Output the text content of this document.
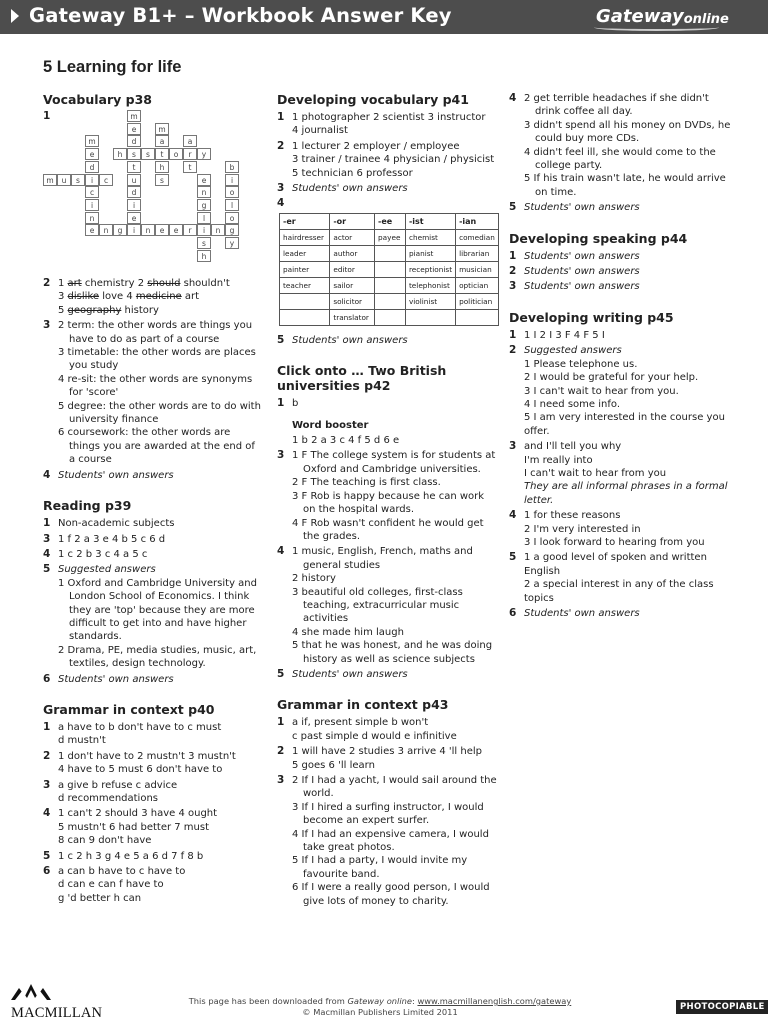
Gateway B1+ – Workbook Answer Key	Gatewayonline
5 Learning for life
Vocabulary p38
1	m
e
d
s
t
m
a
t
h
s
a
r
t
m
e
d
i
c
i
n
e
h	s	o	y
m	u	s	c
b
i
o
l
o
g
y
e
n
g
l
i
s
h
u
d
i
e
i
n	g	n	e	e	r	n
2 1 art chemistry 2 should shouldn't
3 dislike love 4 medicine art
5 geography history
3 2 term: the other words are things you have to do as part of a course
3 timetable: the other words are places you study
4 re-sit: the other words are synonyms for 'score'
5 degree: the other words are to do with university finance
6 coursework: the other words are things you are awarded at the end of a course
4 Students' own answers
Reading p39
1 Non-academic subjects
3 1 f 2 a 3 e 4 b 5 c 6 d
4 1 c 2 b 3 c 4 a 5 c
5 Suggested answers
1 Oxford and Cambridge University and London School of Economics. I think they are 'top' because they are more difficult to get into and have higher standards.
2 Drama, PE, media studies, music, art, textiles, design technology.
6 Students' own answers
Grammar in context p40
1 a have to b don't have to c must
d mustn't
2 1 don't have to 2 mustn't 3 mustn't
4 have to 5 must 6 don't have to
3 a give b refuse c advice
d recommendations
4 1 can't 2 should 3 have 4 ought
5 mustn't 6 had better 7 must
8 can 9 don't have
5 1 c 2 h 3 g 4 e 5 a 6 d 7 f 8 b
6 a can b have to c have to
d can e can f have to
g 'd better h can
Developing vocabulary p41
1 1 photographer 2 scientist 3 instructor
4 journalist
2 1 lecturer 2 employer / employee
3 trainer / trainee 4 physician / physicist
5 technician 6 professor
3 Students' own answers
4
-er	-or	-ee	-ist	-ian
hairdresser	actor	payee	chemist	comedian
leader	author		pianist	librarian
painter	editor		receptionist	musician
teacher	sailor		telephonist	optician
	solicitor		violinist	politician
	translator			
5 Students' own answers
Click onto … Two British universities p42
1 b
Word booster
1 b 2 a 3 c 4 f 5 d 6 e
3 1 F The college system is for students at Oxford and Cambridge universities.
2 F The teaching is first class.
3 F Rob is happy because he can work on the hospital wards.
4 F Rob wasn't confident he would get the grades.
4 1 music, English, French, maths and general studies
2 history
3 beautiful old colleges, first-class teaching, extracurricular music activities
4 she made him laugh
5 that he was honest, and he was doing history as well as science subjects
5 Students' own answers
Grammar in context p43
1 a if, present simple b won't
c past simple d would e infinitive
2 1 will have 2 studies 3 arrive 4 'll help
5 goes 6 'll learn
3 2 If I had a yacht, I would sail around the world.
3 If I hired a surfing instructor, I would become an expert surfer.
4 If I had an expensive camera, I would take great photos.
5 If I had a party, I would invite my favourite band.
6 If I were a really good person, I would give lots of money to charity.
4 2 get terrible headaches if she didn't drink coffee all day.
3 didn't spend all his money on DVDs, he could buy more CDs.
4 didn't feel ill, she would come to the college party.
5 If his train wasn't late, he would arrive on time.
5 Students' own answers
Developing speaking p44
1 Students' own answers
2 Students' own answers
3 Students' own answers
Developing writing p45
1 1 I 2 I 3 F 4 F 5 I
2 Suggested answers
1 Please telephone us.
2 I would be grateful for your help.
3 I can't wait to hear from you.
4 I need some info.
5 I am very interested in the course you offer.
3 and I'll tell you why
I'm really into
I can't wait to hear from you
They are all informal phrases in a formal letter.
4 1 for these reasons
2 I'm very interested in
3 I look forward to hearing from you
5 1 a good level of spoken and written English
2 a special interest in any of the class topics
6 Students' own answers
MACMILLAN
This page has been downloaded from Gateway online: www.macmillanenglish.com/gateway
© Macmillan Publishers Limited 2011	PHOTOCOPIABLE
